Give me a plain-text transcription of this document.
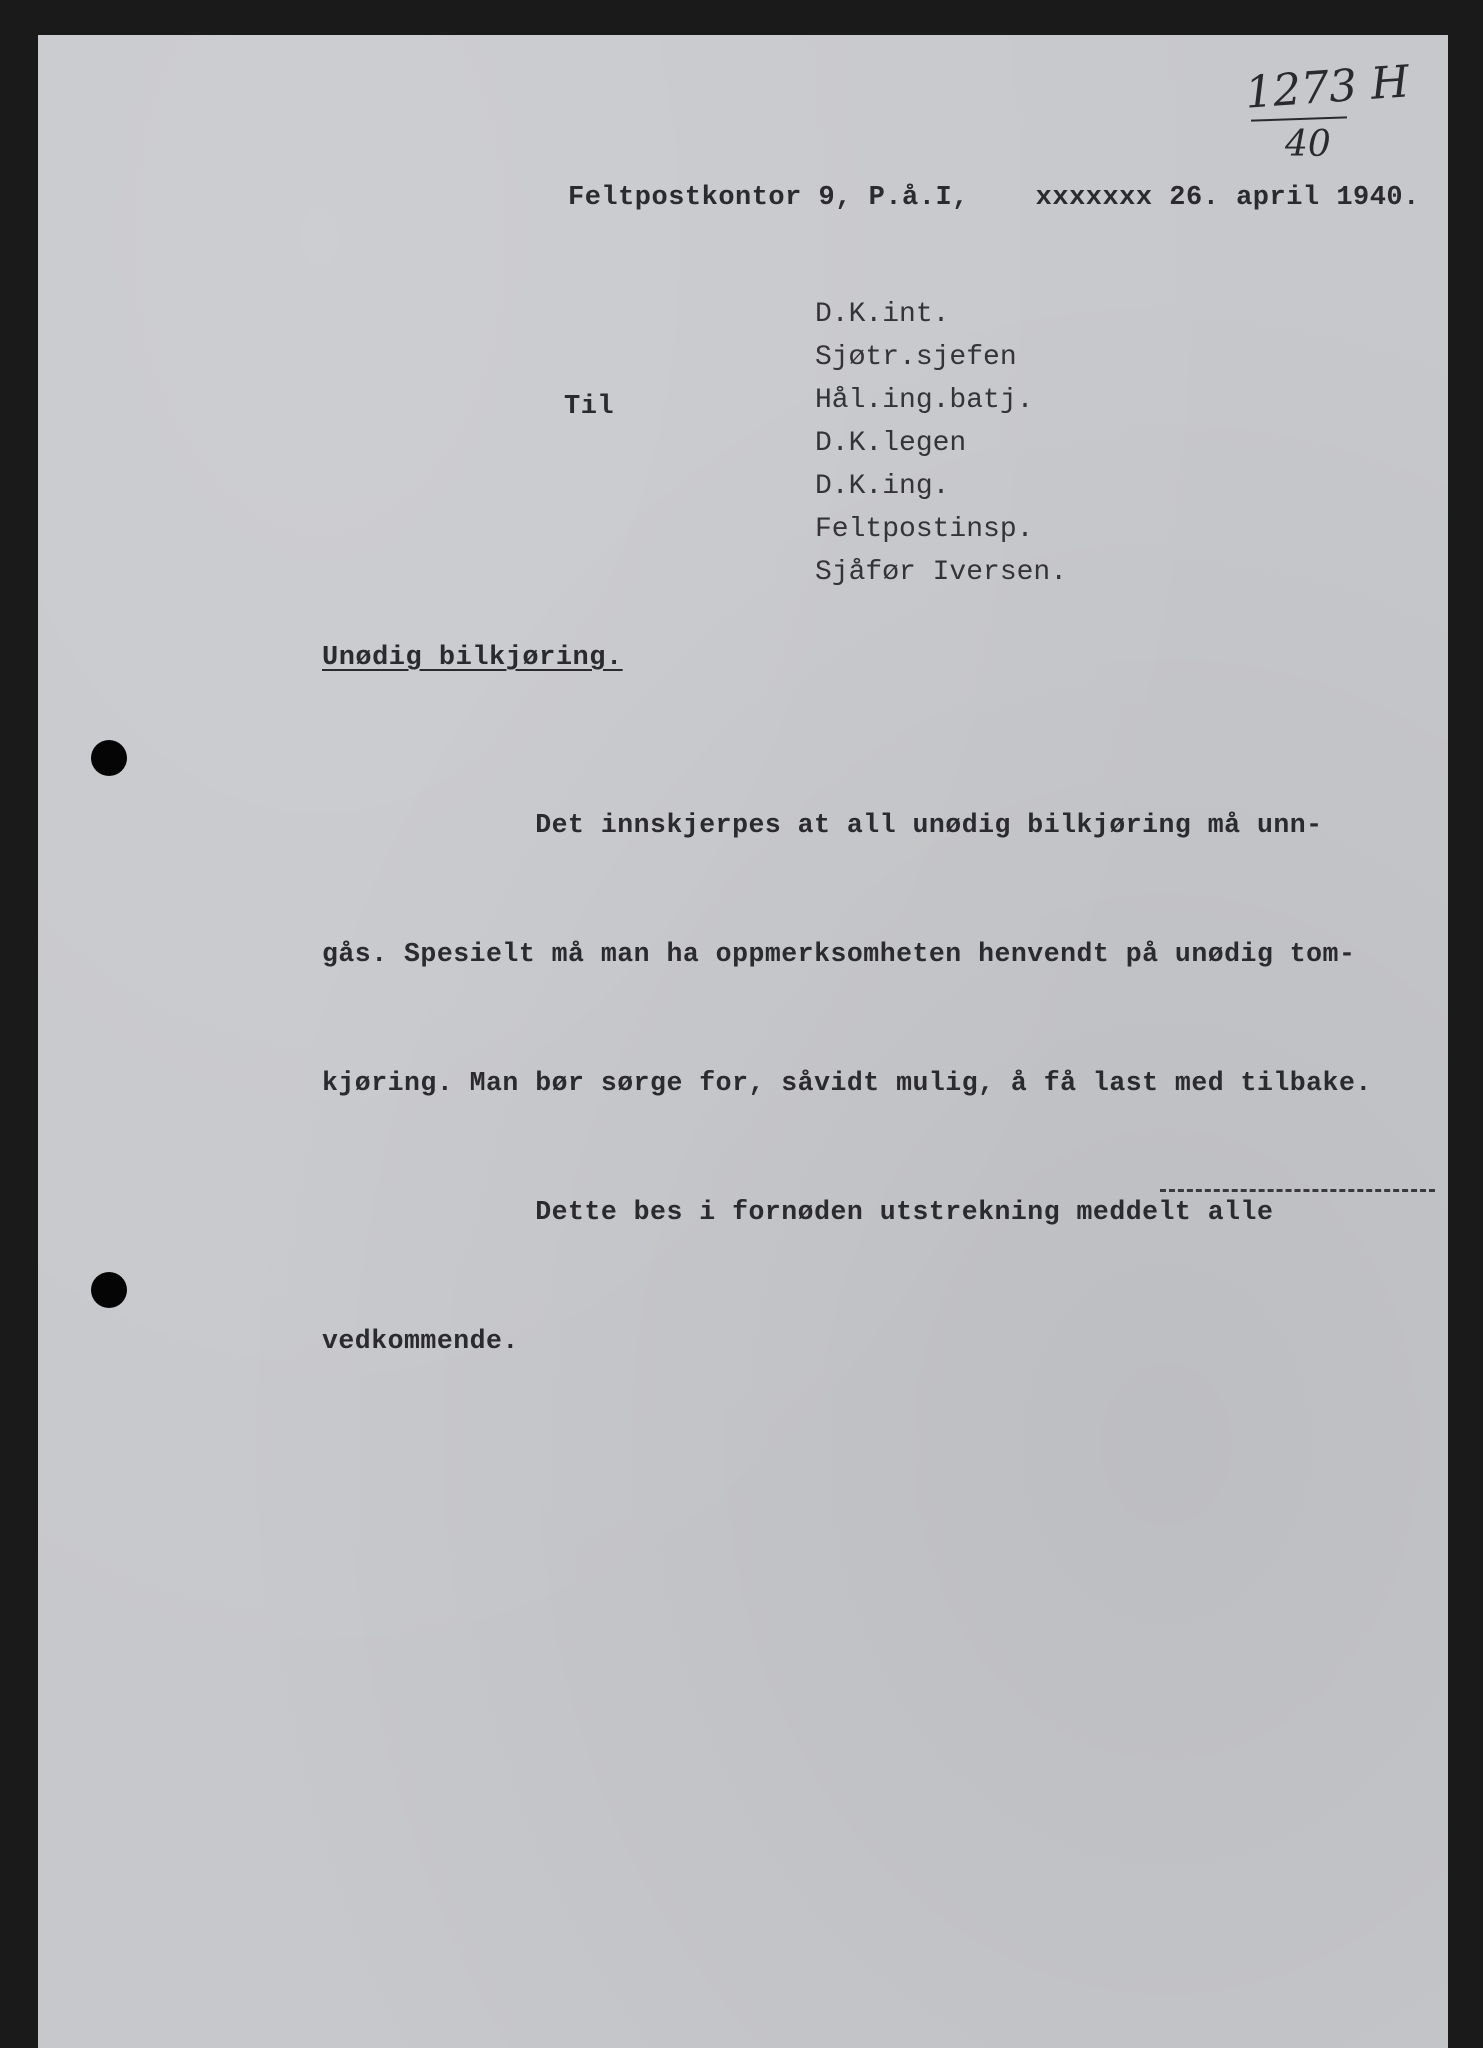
1273 H
40
Feltpostkontor 9, P.å.I,    xxxxxxx 26. april 1940.
Til
D.K.int.
Sjøtr.sjefen
Hål.ing.batj.
D.K.legen
D.K.ing.
Feltpostinsp.
Sjåfør Iversen.
Unødig bilkjøring.

Det innskjerpes at all unødig bilkjøring må unn-

gås. Spesielt må man ha oppmerksomheten henvendt på unødig tom-

kjøring. Man bør sørge for, såvidt mulig, å få last med tilbake.

Dette bes i fornøden utstrekning meddelt alle

vedkommende.
